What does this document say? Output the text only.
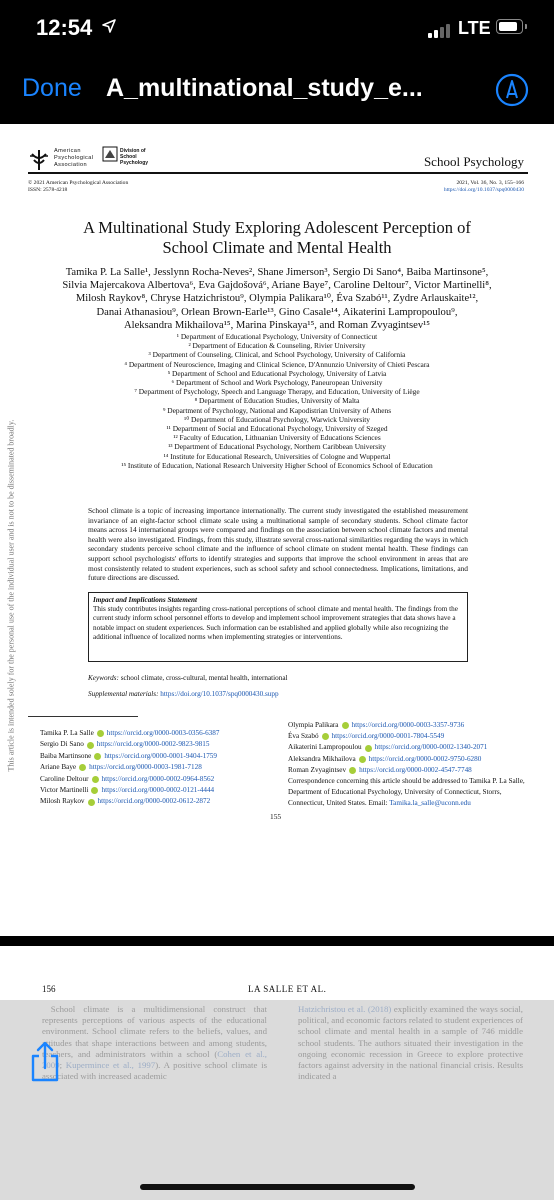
12:54	LTE
Done A_multinational_study_e...
This article is intended solely for the personal use of the individual user and is not to be disseminated broadly.
American Psychological Association
Division of School Psychology	School Psychology
© 2021 American Psychological Association
ISSN: 2578-4218
2021, Vol. 36, No. 3, 155–166
https://doi.org/10.1037/spq0000430
A Multinational Study Exploring Adolescent Perception of
School Climate and Mental Health
Tamika P. La Salle¹, Jesslynn Rocha-Neves², Shane Jimerson³, Sergio Di Sano⁴, Baiba Martinsone⁵,
Silvia Majercakova Albertova⁶, Eva Gajdošová⁶, Ariane Baye⁷, Caroline Deltour⁷, Victor Martinelli⁸,
Milosh Raykov⁸, Chryse Hatzichristou⁹, Olympia Palikara¹⁰, Éva Szabó¹¹, Zydre Arlauskaite¹²,
Danai Athanasiou⁹, Orlean Brown-Earle¹³, Gino Casale¹⁴, Aikaterini Lampropoulou⁹,
Aleksandra Mikhailova¹⁵, Marina Pinskaya¹⁵, and Roman Zvyagintsev¹⁵
¹ Department of Educational Psychology, University of Connecticut
² Department of Education & Counseling, Rivier University
³ Department of Counseling, Clinical, and School Psychology, University of California
⁴ Department of Neuroscience, Imaging and Clinical Science, D'Annunzio University of Chieti Pescara
⁵ Department of School and Educational Psychology, University of Latvia
⁶ Department of School and Work Psychology, Paneuropean University
⁷ Department of Psychology, Speech and Language Therapy, and Education, University of Liège
⁸ Department of Education Studies, University of Malta
⁹ Department of Psychology, National and Kapodistrian University of Athens
¹⁰ Department of Educational Psychology, Warwick University
¹¹ Department of Social and Educational Psychology, University of Szeged
¹² Faculty of Education, Lithuanian University of Educations Sciences
¹³ Department of Educational Psychology, Northern Caribbean University
¹⁴ Institute for Educational Research, Universities of Cologne and Wuppertal
¹⁵ Institute of Education, National Research University Higher School of Economics School of Education
School climate is a topic of increasing importance internationally. The current study investigated the established measurement invariance of an eight-factor school climate scale using a multinational sample of secondary students. School climate factor means across 14 international groups were compared and findings on the association between school climate factors and mental health were also investigated. Findings, from this study, illustrate several cross-national similarities regarding the ways in which secondary students perceive school climate and the influence of school climate on student mental health. These findings can support school psychologists' efforts to identify strategies and supports that improve the school environment in areas that are most consistently related to student experiences, such as school safety and school connectedness. Implications, limitations, and future directions are discussed.
Impact and Implications Statement
This study contributes insights regarding cross-national perceptions of school climate and mental health. The findings from the current study inform school personnel efforts to develop and implement school improvement strategies that data shows have a notable impact on student experiences. Such information can be established and applied globally while also recognizing the additional influence of localized norms when implementing strategies or interventions.
Keywords: school climate, cross-cultural, mental health, international
Supplemental materials: https://doi.org/10.1037/spq0000430.supp
Tamika P. La Salle https://orcid.org/0000-0003-0356-6387
Sergio Di Sano https://orcid.org/0000-0002-9823-9815
Baiba Martinsone https://orcid.org/0000-0001-9404-1759
Ariane Baye https://orcid.org/0000-0003-1981-7128
Caroline Deltour https://orcid.org/0000-0002-0964-8562
Victor Martinelli https://orcid.org/0000-0002-0121-4444
Milosh Raykov https://orcid.org/0000-0002-0612-2872
Olympia Palikara https://orcid.org/0000-0003-3357-9736
Éva Szabó https://orcid.org/0000-0001-7804-5549
Aikaterini Lampropoulou https://orcid.org/0000-0002-1340-2071
Aleksandra Mikhailova https://orcid.org/0000-0002-9750-6280
Roman Zvyagintsev https://orcid.org/0000-0002-4547-7748
Correspondence concerning this article should be addressed to Tamika P. La Salle, Department of Educational Psychology, University of Connecticut, Storrs, Connecticut, United States. Email: Tamika.la_salle@uconn.edu
155
156	LA SALLE ET AL.
